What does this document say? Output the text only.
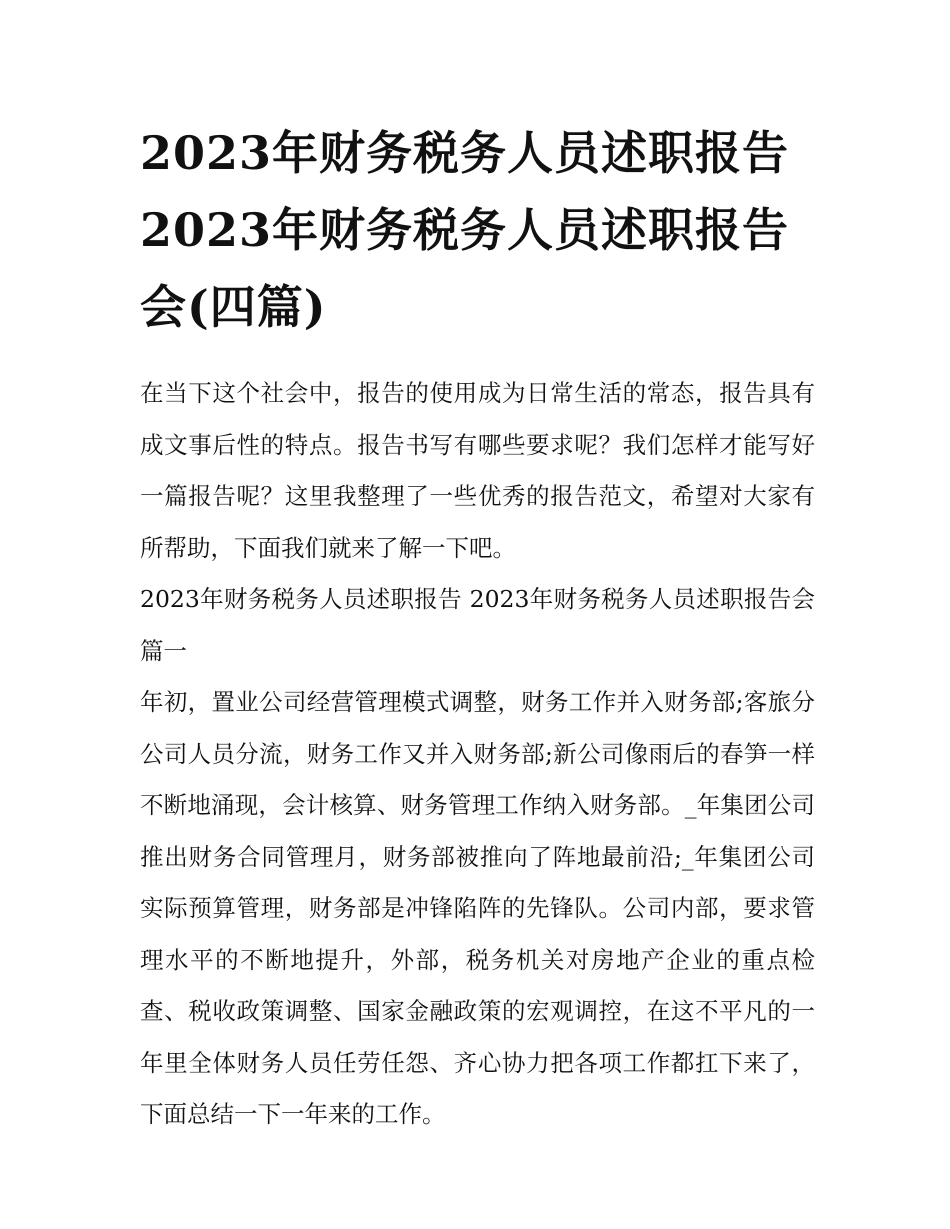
2023年财务税务人员述职报告 2023年财务税务人员述职报告会(四篇)

在当下这个社会中，报告的使用成为日常生活的常态，报告具有成文事后性的特点。报告书写有哪些要求呢？我们怎样才能写好一篇报告呢？这里我整理了一些优秀的报告范文，希望对大家有所帮助，下面我们就来了解一下吧。

2023年财务税务人员述职报告 2023年财务税务人员述职报告会篇一

年初，置业公司经营管理模式调整，财务工作并入财务部;客旅分公司人员分流，财务工作又并入财务部;新公司像雨后的春笋一样不断地涌现，会计核算、财务管理工作纳入财务部。_年集团公司推出财务合同管理月，财务部被推向了阵地最前沿;_年集团公司实际预算管理，财务部是冲锋陷阵的先锋队。公司内部，要求管理水平的不断地提升，外部，税务机关对房地产企业的重点检查、税收政策调整、国家金融政策的宏观调控，在这不平凡的一年里全体财务人员任劳任怨、齐心协力把各项工作都扛下来了，下面总结一下一年来的工作。
